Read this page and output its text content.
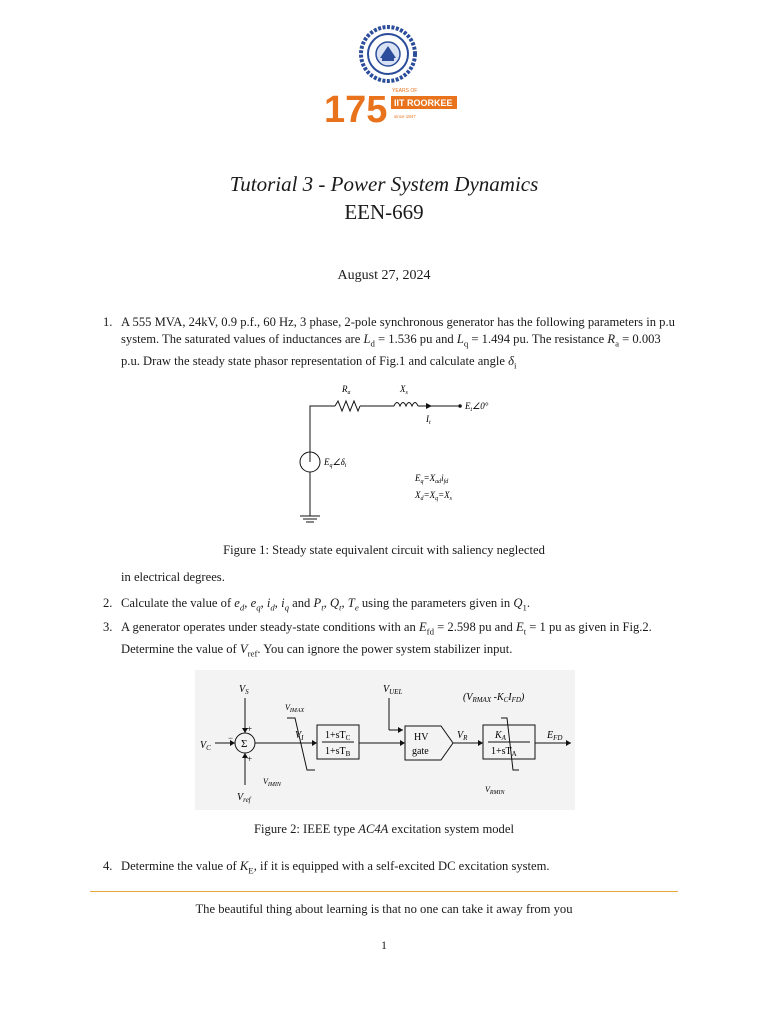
175 YEARS OF
IIT ROORKEE
since 1847
Tutorial 3 - Power System Dynamics
EEN-669
August 27, 2024
1. A 555 MVA, 24kV, 0.9 p.f., 60 Hz, 3 phase, 2-pole synchronous generator has the following parameters in p.u system. The saturated values of inductances are $L_d = 1.536$ pu and $L_q = 1.494$ pu. The resistance $R_a = 0.003$ p.u. Draw the steady state phasor representation of Fig.1 and calculate angle $\delta_i$
$R_a$	$X_s$
$I_t$
$E_t\angle 0^\circ$
$E_q\angle\delta_i$
$E_q=X_{ad}i_{fd}$
$X_d=X_q=X_s$
Figure 1: Steady state equivalent circuit with saliency neglected
in electrical degrees.
2. Calculate the value of $e_d$, $e_q$, $i_d$, $i_q$ and $P_t$, $Q_t$, $T_e$ using the parameters given in $Q_1$.
3. A generator operates under steady-state conditions with an $E_{fd} = 2.598$ pu and $E_t = 1$ pu as given in Fig.2. Determine the value of $V_{ref}$. You can ignore the power system stabilizer input.
Σ
+
+
−
$V_S$
$V_C$
$V_{ref}$
$V_{IMAX}$
$V_{IMIN}$
$V_I$ $1+sT_C$
$1+sT_B$
$V_{UEL}$
HV
gate
$V_R$	$K_A$
$1+sT_A$
($V_{RMAX}$ $-K_CI_{FD}$)
$V_{RMIN}$
$E_{FD}$
Figure 2: IEEE type AC4A excitation system model
4. Determine the value of $K_E$, if it is equipped with a self-excited DC excitation system.
The beautiful thing about learning is that no one can take it away from you
1
